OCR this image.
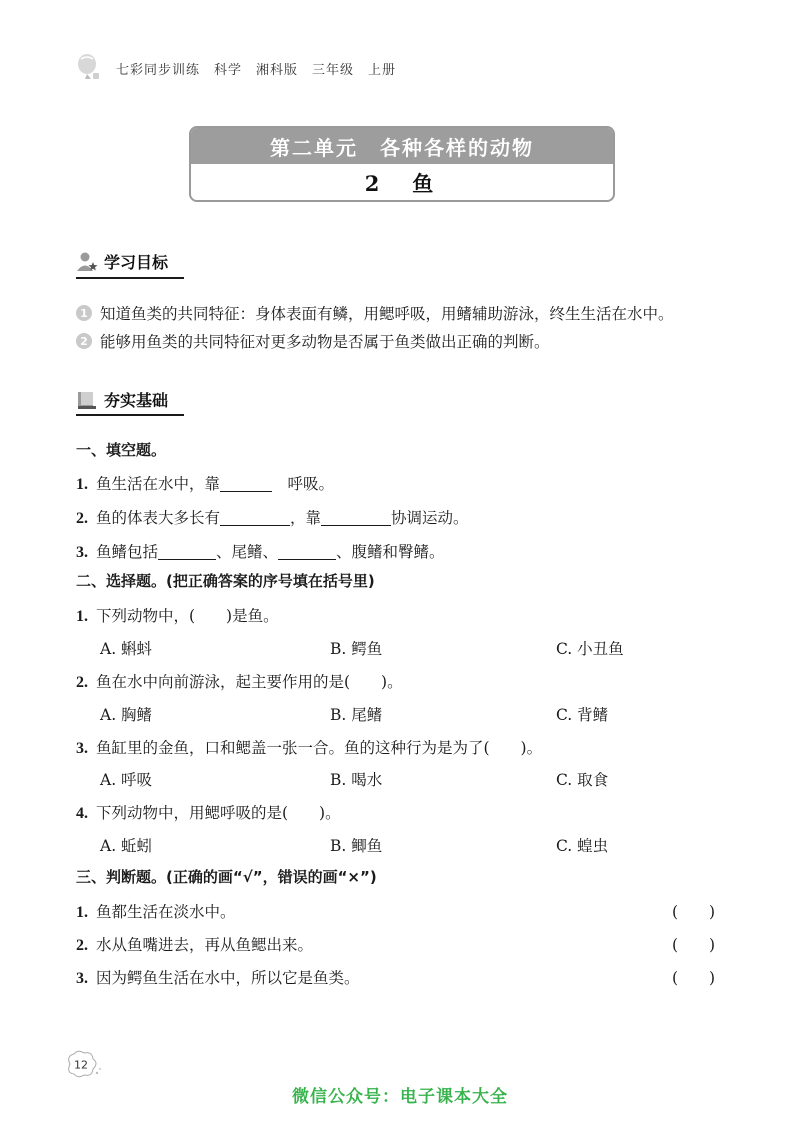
七彩同步训练　科学　湘科版　三年级　上册
第二单元　各种各样的动物
2　鱼
学习目标
1 知道鱼类的共同特征：身体表面有鳞，用鳃呼吸，用鳍辅助游泳，终生生活在水中。
2 能够用鱼类的共同特征对更多动物是否属于鱼类做出正确的判断。
夯实基础
一、填空题。
1. 鱼生活在水中，靠　	呼吸。
2. 鱼的体表大多长有	，靠	协调运动。
3. 鱼鳍包括	、尾鳍、	、腹鳍和臀鳍。
二、选择题。(把正确答案的序号填在括号里)
1. 下列动物中，(　　)是鱼。
A. 蝌蚪	B. 鳄鱼	C. 小丑鱼
2. 鱼在水中向前游泳，起主要作用的是(　　)。
A. 胸鳍	B. 尾鳍	C. 背鳍
3. 鱼缸里的金鱼，口和鳃盖一张一合。鱼的这种行为是为了(　　)。
A. 呼吸	B. 喝水	C. 取食
4. 下列动物中，用鳃呼吸的是(　　)。
A. 蚯蚓	B. 鲫鱼	C. 蝗虫
三、判断题。(正确的画“√”，错误的画“×”)
1. 鱼都生活在淡水中。	(　　)
2. 水从鱼嘴进去，再从鱼鳃出来。	(　　)
3. 因为鳄鱼生活在水中，所以它是鱼类。	(　　)
12
微信公众号：电子课本大全
